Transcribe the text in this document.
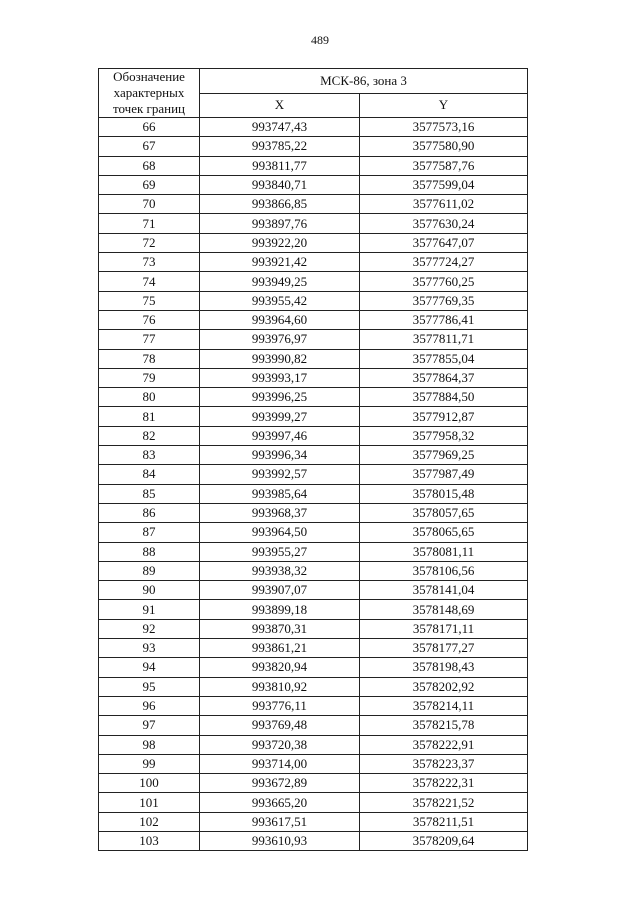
489
Обозначение характерных точек границ	МСК-86, зона 3	
	X	Y
66	993747,43	3577573,16
67	993785,22	3577580,90
68	993811,77	3577587,76
69	993840,71	3577599,04
70	993866,85	3577611,02
71	993897,76	3577630,24
72	993922,20	3577647,07
73	993921,42	3577724,27
74	993949,25	3577760,25
75	993955,42	3577769,35
76	993964,60	3577786,41
77	993976,97	3577811,71
78	993990,82	3577855,04
79	993993,17	3577864,37
80	993996,25	3577884,50
81	993999,27	3577912,87
82	993997,46	3577958,32
83	993996,34	3577969,25
84	993992,57	3577987,49
85	993985,64	3578015,48
86	993968,37	3578057,65
87	993964,50	3578065,65
88	993955,27	3578081,11
89	993938,32	3578106,56
90	993907,07	3578141,04
91	993899,18	3578148,69
92	993870,31	3578171,11
93	993861,21	3578177,27
94	993820,94	3578198,43
95	993810,92	3578202,92
96	993776,11	3578214,11
97	993769,48	3578215,78
98	993720,38	3578222,91
99	993714,00	3578223,37
100	993672,89	3578222,31
101	993665,20	3578221,52
102	993617,51	3578211,51
103	993610,93	3578209,64
